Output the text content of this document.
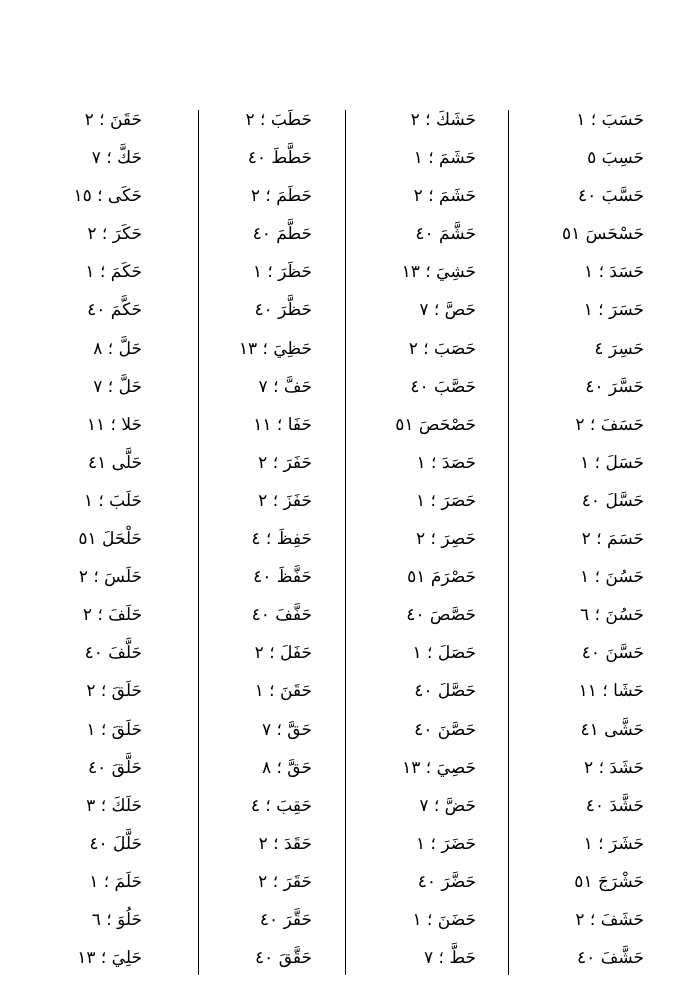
حَسَبَ ؛ ١
حَسِبَ ٥
حَسَّبَ ٤٠
حَسْحَسَ ٥١
حَسَدَ ؛ ١
حَسَرَ ؛ ١
حَسِرَ ٤
حَسَّرَ ٤٠
حَسَفَ ؛ ٢
حَسَلَ ؛ ١
حَسَّلَ ٤٠
حَسَمَ ؛ ٢
حَسُنَ ؛ ١
حَسُنَ ؛ ٦
حَسَّنَ ٤٠
حَشَا ؛ ١١
حَشَّى ٤١
حَشَدَ ؛ ٢
حَشَّدَ ٤٠
حَشَرَ ؛ ١
حَشْرَجَ ٥١
حَشَفَ ؛ ٢
حَشَّفَ ٤٠
حَشَكَ ؛ ٢
حَشَمَ ؛ ١
حَشَمَ ؛ ٢
حَشَّمَ ٤٠
حَشِيَ ؛ ١٣
حَصَّ ؛ ٧
حَصَبَ ؛ ٢
حَصَّبَ ٤٠
حَصْحَصَ ٥١
حَصَدَ ؛ ١
حَصَرَ ؛ ١
حَصِرَ ؛ ٢
حَصْرَمَ ٥١
حَصَّصَ ٤٠
حَصَلَ ؛ ١
حَصَّلَ ٤٠
حَصَّنَ ٤٠
حَصِيَ ؛ ١٣
حَضَّ ؛ ٧
حَضَرَ ؛ ١
حَضَّرَ ٤٠
حَضَنَ ؛ ١
حَطَّ ؛ ٧
حَطَبَ ؛ ٢
حَطَّطَ ٤٠
حَطَمَ ؛ ٢
حَطَّمَ ٤٠
حَظَرَ ؛ ١
حَظَّرَ ٤٠
حَظِيَ ؛ ١٣
حَفَّ ؛ ٧
حَفَا ؛ ١١
حَفَرَ ؛ ٢
حَفَزَ ؛ ٢
حَفِظَ ؛ ٤
حَفَّظَ ٤٠
حَفَّفَ ٤٠
حَفَلَ ؛ ٢
حَقَنَ ؛ ١
حَقَّ ؛ ٧
حَقَّ ؛ ٨
حَقِبَ ؛ ٤
حَقَدَ ؛ ٢
حَقَرَ ؛ ٢
حَقَّرَ ٤٠
حَقَّقَ ٤٠
حَقَنَ ؛ ٢
حَكَّ ؛ ٧
حَكَى ؛ ١٥
حَكَرَ ؛ ٢
حَكَمَ ؛ ١
حَكَّمَ ٤٠
حَلَّ ؛ ٨
حَلَّ ؛ ٧
حَلا ؛ ١١
حَلَّى ٤١
حَلَبَ ؛ ١
حَلْحَلَ ٥١
حَلَسَ ؛ ٢
حَلَفَ ؛ ٢
حَلَّفَ ٤٠
حَلَقَ ؛ ٢
حَلَقَ ؛ ١
حَلَّقَ ٤٠
حَلَكَ ؛ ٣
حَلَّلَ ٤٠
حَلَمَ ؛ ١
حَلُوَ ؛ ٦
حَلِيَ ؛ ١٣
